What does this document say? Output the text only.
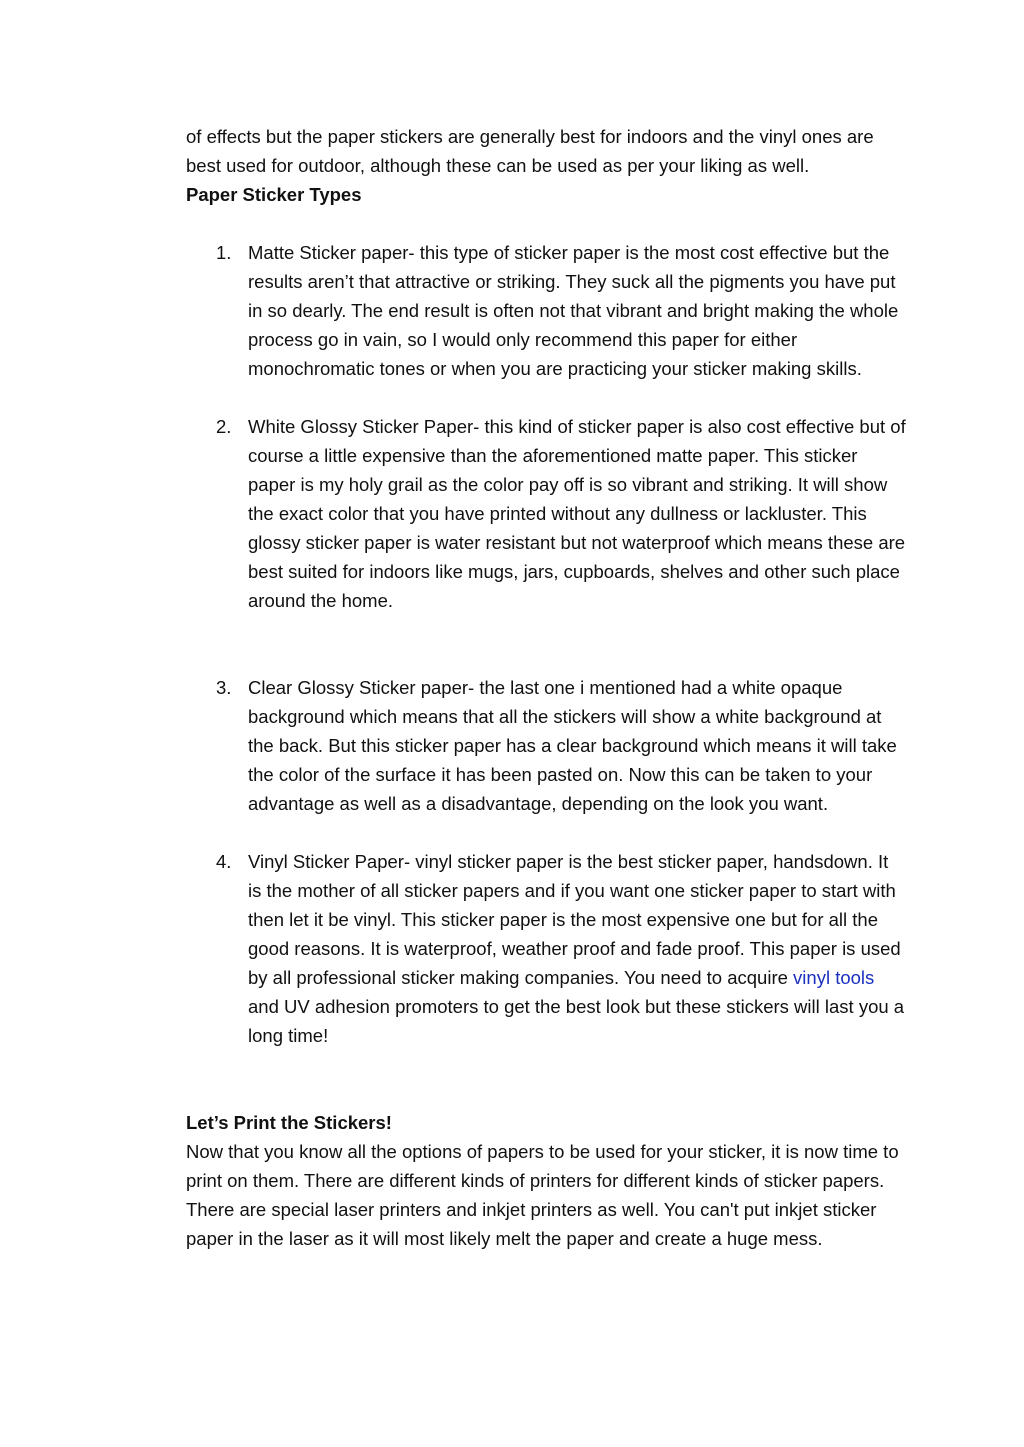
of effects but the paper stickers are generally best for indoors and the vinyl ones are best used for outdoor, although these can be used as per your liking as well.

Paper Sticker Types

1. Matte Sticker paper- this type of sticker paper is the most cost effective but the results aren’t that attractive or striking. They suck all the pigments you have put in so dearly. The end result is often not that vibrant and bright making the whole process go in vain, so I would only recommend this paper for either monochromatic tones or when you are practicing your sticker making skills.
2. White Glossy Sticker Paper- this kind of sticker paper is also cost effective but of course a little expensive than the aforementioned matte paper. This sticker paper is my holy grail as the color pay off is so vibrant and striking. It will show the exact color that you have printed without any dullness or lackluster. This glossy sticker paper is water resistant but not waterproof which means these are best suited for indoors like mugs, jars, cupboards, shelves and other such place around the home.
3. Clear Glossy Sticker paper- the last one i mentioned had a white opaque background which means that all the stickers will show a white background at the back. But this sticker paper has a clear background which means it will take the color of the surface it has been pasted on. Now this can be taken to your advantage as well as a disadvantage, depending on the look you want.
4. Vinyl Sticker Paper- vinyl sticker paper is the best sticker paper, handsdown. It is the mother of all sticker papers and if you want one sticker paper to start with then let it be vinyl. This sticker paper is the most expensive one but for all the good reasons. It is waterproof, weather proof and fade proof. This paper is used by all professional sticker making companies. You need to acquire vinyl tools and UV adhesion promoters to get the best look but these stickers will last you a long time!

Let’s Print the Stickers!

Now that you know all the options of papers to be used for your sticker, it is now time to print on them. There are different kinds of printers for different kinds of sticker papers. There are special laser printers and inkjet printers as well. You can't put inkjet sticker paper in the laser as it will most likely melt the paper and create a huge mess.
